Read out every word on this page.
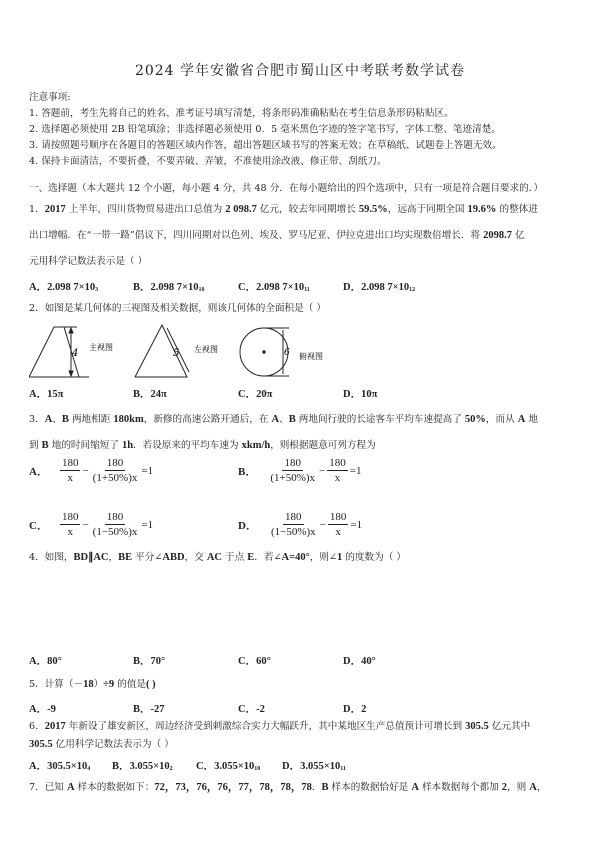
2024 学年安徽省合肥市蜀山区中考联考数学试卷
注意事项:
1. 答题前，考生先将自己的姓名、准考证号填写清楚，将条形码准确粘贴在考生信息条形码粘贴区。
2. 选择题必须使用 2B 铅笔填涂；非选择题必须使用 0．5 毫米黑色字迹的签字笔书写，字体工整、笔迹清楚。
3. 请按照题号顺序在各题目的答题区域内作答，超出答题区域书写的答案无效；在草稿纸、试题卷上答题无效。
4. 保持卡面清洁，不要折叠，不要弄破、弄皱，不准使用涂改液、修正带、刮纸刀。
一、选择题（本大题共 12 个小题，每小题 4 分，共 48 分．在每小题给出的四个选项中，只有一项是符合题目要求的．）
1．2017 上半年，四川货物贸易进出口总值为 2 098.7 亿元，较去年同期增长 59.5%，远高于同期全国 19.6% 的整体进
出口增幅．在“一带一路”倡议下，四川同期对以色列、埃及、罗马尼亚、伊拉克进出口均实现数倍增长．将 2098.7 亿
元用科学记数法表示是（ ）
A．2.098 $7\times 10_3$	B．2.098 $7\times 10_{10}$	C．2.098 $7\times 10_{11}$	D．2.098 $7\times 10_{12}$
2．如图是某几何体的三视图及相关数据，则该几何体的全面积是（ ）
4
主视图
5 左视图	6 俯视图
A．15π	B．24π	C．20π	D．10π
3．A、B 两地相距 180km，新修的高速公路开通后，在 A、B 两地间行驶的长途客车平均车速提高了 50%，而从 A 地
到 B 地的时间缩短了 1h．若设原来的平均车速为 xkm/h，则根据题意可列方程为
A． $\frac{180}{x} - \frac{180}{(1+50\%)x} =1$	B． $\frac{180}{(1+50\%)x} - \frac{180}{x} =1$
C． $\frac{180}{x} - \frac{180}{(1-50\%)x} =1$	D． $\frac{180}{(1-50\%)x} - \frac{180}{x} =1$
4．如图，BD∥AC，BE 平分∠ABD，交 AC 于点 E．若∠A=40°，则∠1 的度数为（ ）
A．80°	B．70°	C．60°	D．40°
5．计算（－18）÷9 的值是( )
A．-9	B．-27	C．-2	D．2
6．2017 年新设了雄安新区，周边经济受到刺激综合实力大幅跃升，其中某地区生产总值预计可增长到 305.5 亿元其中
305.5 亿用科学记数法表示为（ ）
A．$305.5\times 10_4$ B．$3.055\times 10_2$ C．$3.055\times 10_{10}$ D．$3.055\times 10_{11}$
7．已知 A 样本的数据如下：72，73，76，76，77，78，78，78．B 样本的数据恰好是 A 样本数据每个都加 2，则 A，
